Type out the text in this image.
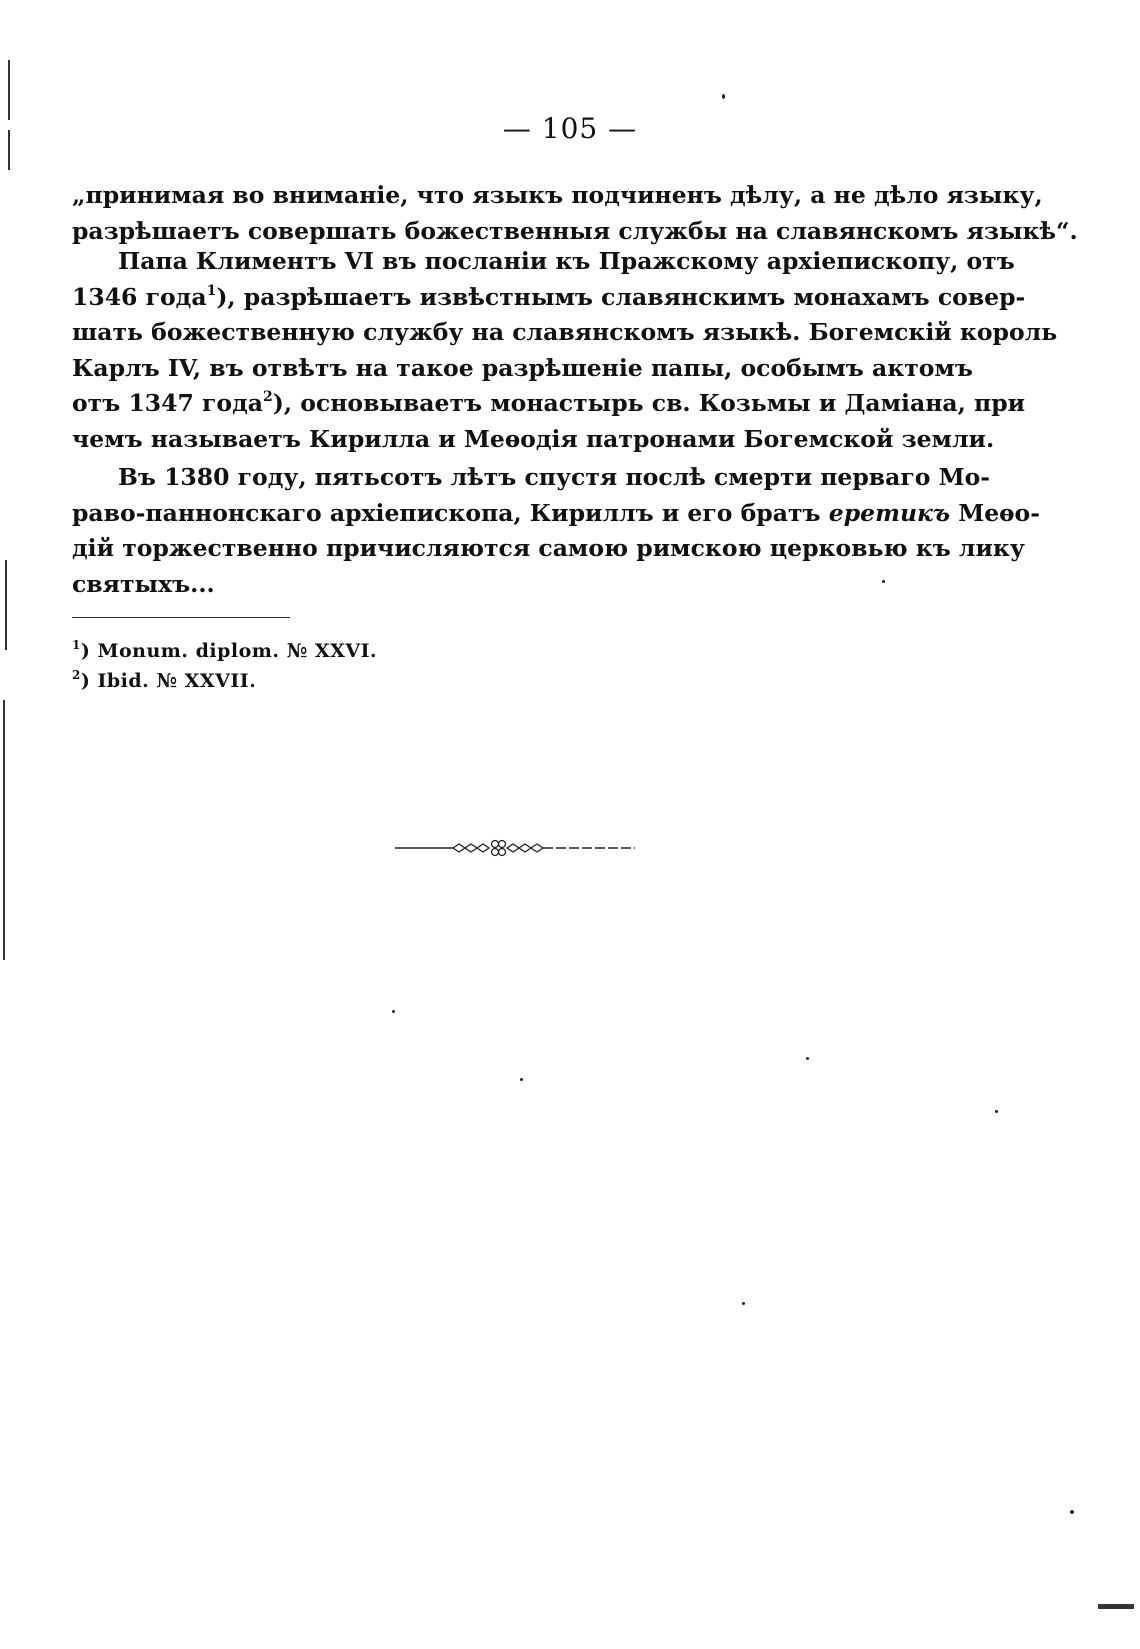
— 105 —
„принимая во вниманіе, что языкъ подчиненъ дѣлу, а не дѣло языку,
разрѣшаетъ совершать божественныя службы на славянскомъ языкѣ“.
Папа Климентъ VI въ посланіи къ Пражскому архіепископу, отъ
1346 года$^1$), разрѣшаетъ извѣстнымъ славянскимъ монахамъ совер-
шать божественную службу на славянскомъ языкѣ. Богемскій король
Карлъ IV, въ отвѣтъ на такое разрѣшеніе папы, особымъ актомъ
отъ 1347 года$^2$), основываетъ монастырь св. Козьмы и Даміана, при
чемъ называетъ Кирилла и Меѳодія патронами Богемской земли.
Въ 1380 году, пятьсотъ лѣтъ спустя послѣ смерти перваго Мо-
раво-паннонскаго архіепископа, Кириллъ и его братъ еретикъ Меѳо-
дій торжественно причисляются самою римскою церковью къ лику
святыхъ...
$^1$) Monum. diplom. № XXVI.
$^2$) Ibid. № XXVII.
